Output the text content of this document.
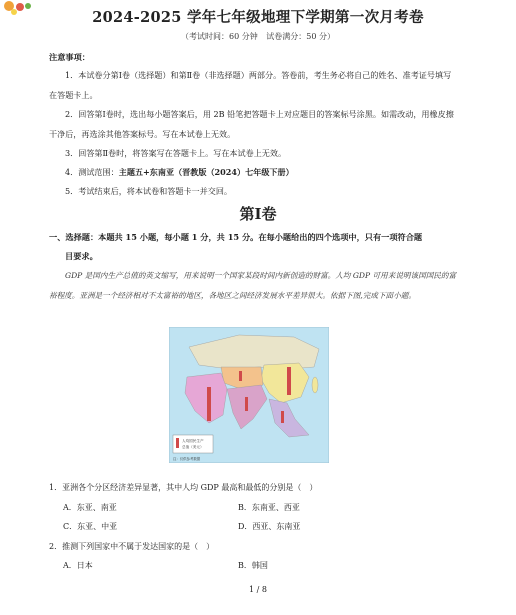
2024-2025 学年七年级地理下学期第一次月考卷
（考试时间：60 分钟 试卷满分：50 分）
注意事项：
1．本试卷分第Ⅰ卷（选择题）和第Ⅱ卷（非选择题）两部分。答卷前，考生务必将自己的姓名、准考证号填写在答题卡上。
2．回答第Ⅰ卷时，选出每小题答案后，用 2B 铅笔把答题卡上对应题目的答案标号涂黑。如需改动，用橡皮擦干净后，再选涂其他答案标号。写在本试卷上无效。
3．回答第Ⅱ卷时，将答案写在答题卡上。写在本试卷上无效。
4．测试范围：主题五+东南亚（晋教版（2024）七年级下册）
5．考试结束后，将本试卷和答题卡一并交回。
第Ⅰ卷
一、选择题：本题共 15 小题，每小题 1 分，共 15 分。在每小题给出的四个选项中，只有一项符合题
目要求。
GDP 是国内生产总值的英文缩写，用来说明一个国家某段时间内新创造的财富。人均 GDP 可用来说明该国国民的富裕程度。亚洲是一个经济相对不太富裕的地区，各地区之间经济发展水平差异很大。依据下图,完成下面小题。
人均国民生产
总值（美元）
注：仅供参考数据
1．亚洲各个分区经济差异显著，其中人均 GDP 最高和最低的分别是（　）
A．东亚、南亚	B．东南亚、西亚
C．东亚、中亚	D．西亚、东南亚
2．推测下列国家中不属于发达国家的是（　）
A．日本	B．韩国
1 / 8
